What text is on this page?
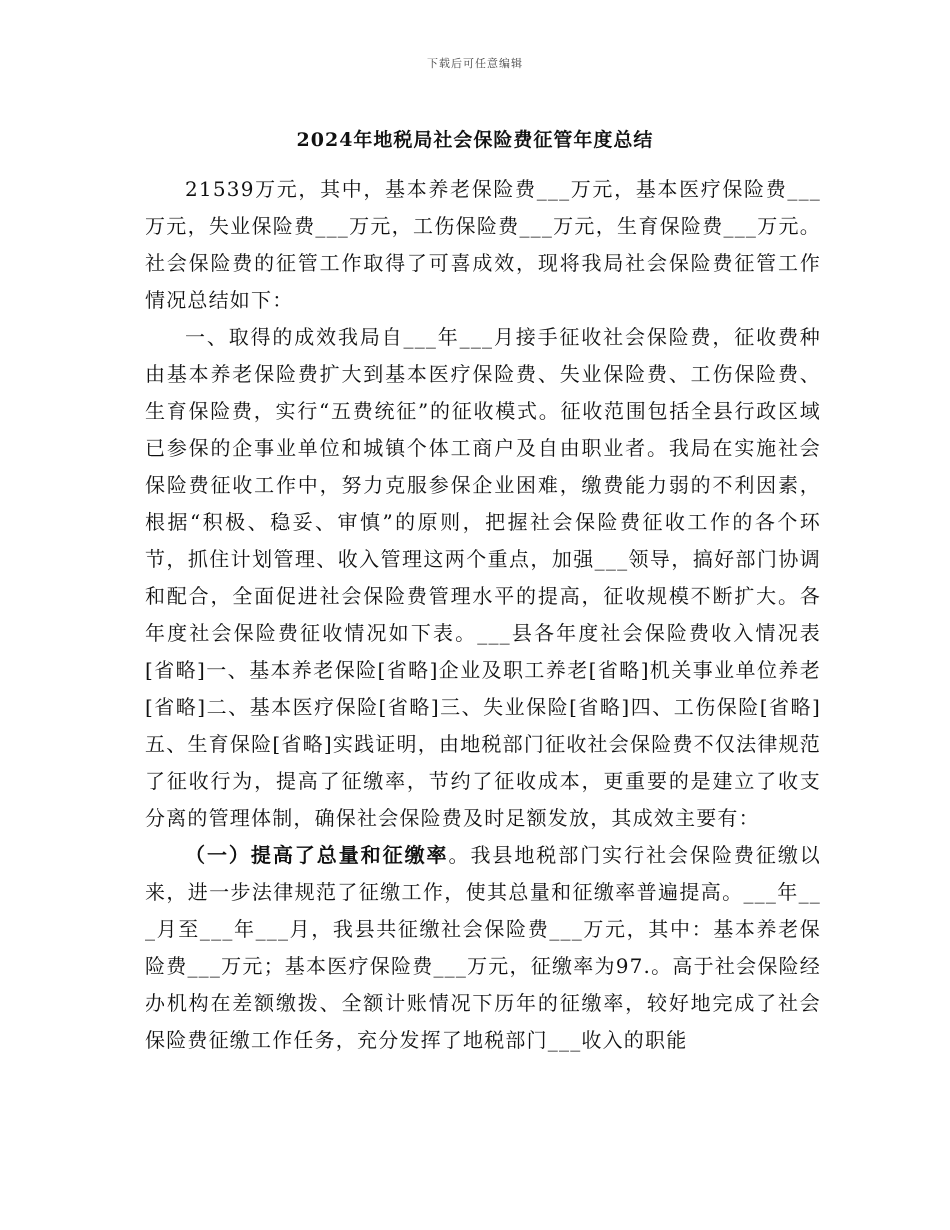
下载后可任意编辑
2024年地税局社会保险费征管年度总结

21539万元，其中，基本养老保险费___万元，基本医疗保险费___万元，失业保险费___万元，工伤保险费___万元，生育保险费___万元。社会保险费的征管工作取得了可喜成效，现将我局社会保险费征管工作情况总结如下：

一、取得的成效我局自___年___月接手征收社会保险费，征收费种由基本养老保险费扩大到基本医疗保险费、失业保险费、工伤保险费、生育保险费，实行“五费统征”的征收模式。征收范围包括全县行政区域已参保的企事业单位和城镇个体工商户及自由职业者。我局在实施社会保险费征收工作中，努力克服参保企业困难，缴费能力弱的不利因素，根据“积极、稳妥、审慎”的原则，把握社会保险费征收工作的各个环节，抓住计划管理、收入管理这两个重点，加强___领导，搞好部门协调和配合，全面促进社会保险费管理水平的提高，征收规模不断扩大。各年度社会保险费征收情况如下表。___县各年度社会保险费收入情况表[省略]一、基本养老保险[省略]企业及职工养老[省略]机关事业单位养老[省略]二、基本医疗保险[省略]三、失业保险[省略]四、工伤保险[省略]五、生育保险[省略]实践证明，由地税部门征收社会保险费不仅法律规范了征收行为，提高了征缴率，节约了征收成本，更重要的是建立了收支分离的管理体制，确保社会保险费及时足额发放，其成效主要有：

（一）提高了总量和征缴率。我县地税部门实行社会保险费征缴以来，进一步法律规范了征缴工作，使其总量和征缴率普遍提高。___年___月至___年___月，我县共征缴社会保险费___万元，其中：基本养老保险费___万元；基本医疗保险费___万元，征缴率为97.。高于社会保险经办机构在差额缴拨、全额计账情况下历年的征缴率，较好地完成了社会保险费征缴工作任务，充分发挥了地税部门___收入的职能
